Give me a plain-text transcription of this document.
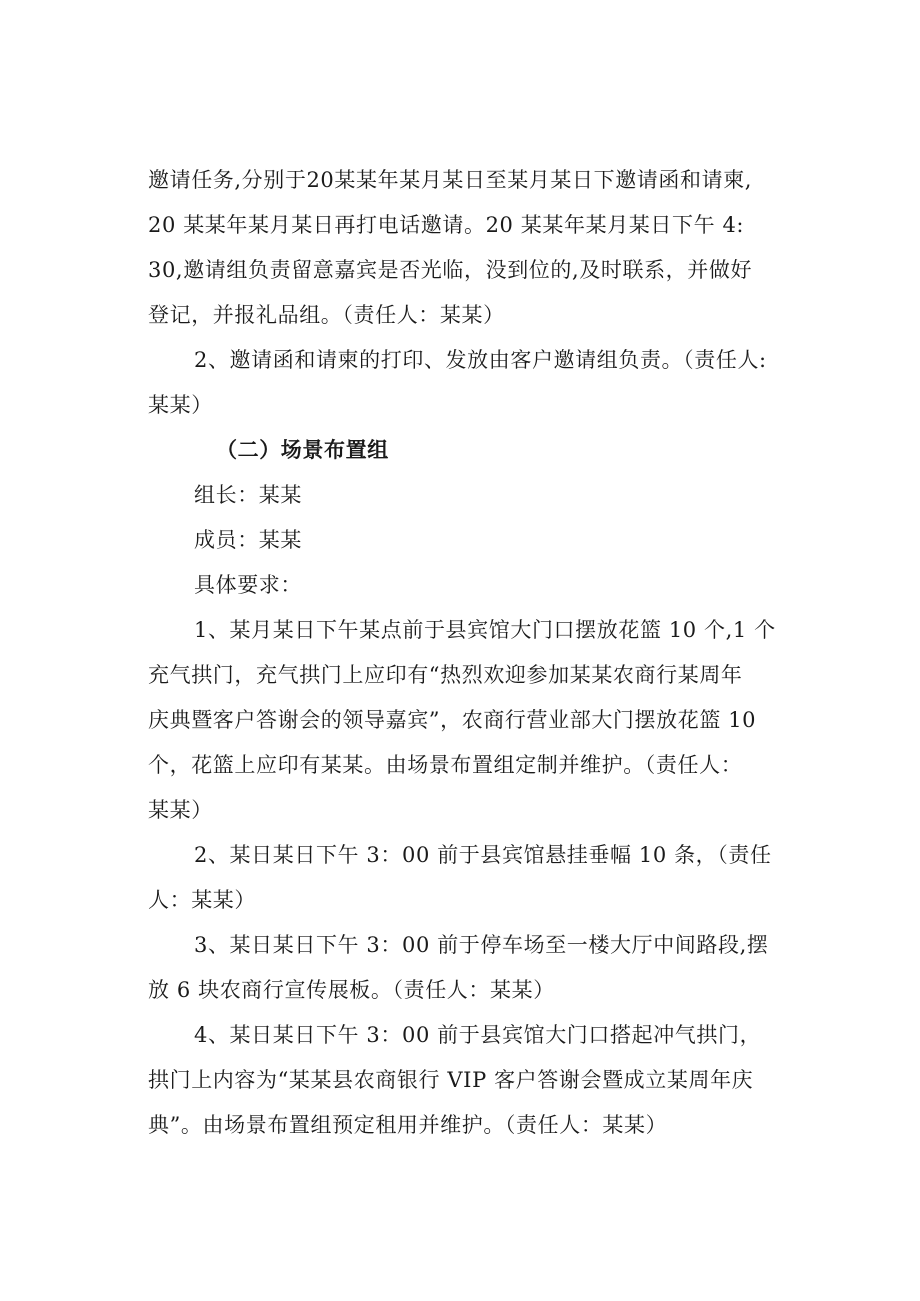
邀请任务,分别于20某某年某月某日至某月某日下邀请函和请柬,
20 某某年某月某日再打电话邀请。20 某某年某月某日下午 4:
30,邀请组负责留意嘉宾是否光临，没到位的,及时联系，并做好
登记，并报礼品组。（责任人：某某）
2、邀请函和请柬的打印、发放由客户邀请组负责。（责任人:
某某）
（二）场景布置组
组长：某某
成员：某某
具体要求：
1、某月某日下午某点前于县宾馆大门口摆放花篮 10 个,1 个
充气拱门，充气拱门上应印有“热烈欢迎参加某某农商行某周年
庆典暨客户答谢会的领导嘉宾”，农商行营业部大门摆放花篮 10
个，花篮上应印有某某。由场景布置组定制并维护。（责任人：
某某）
2、某日某日下午 3：00 前于县宾馆悬挂垂幅 10 条，（责任
人：某某）
3、某日某日下午 3：00 前于停车场至一楼大厅中间路段,摆
放 6 块农商行宣传展板。（责任人：某某）
4、某日某日下午 3：00 前于县宾馆大门口搭起冲气拱门，
拱门上内容为“某某县农商银行 VIP 客户答谢会暨成立某周年庆
典”。由场景布置组预定租用并维护。（责任人：某某）
